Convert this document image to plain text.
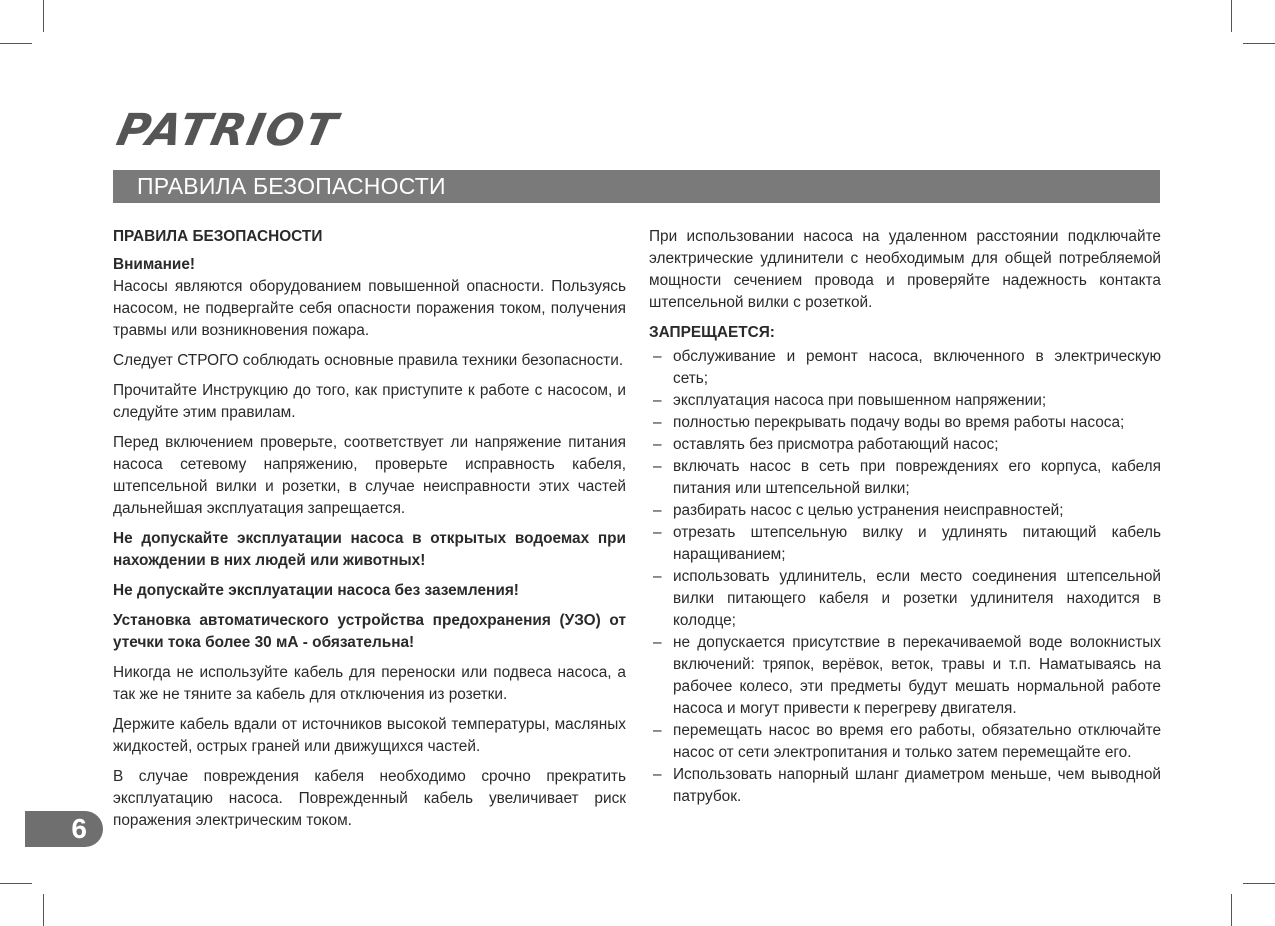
PATRIOT
ПРАВИЛА БЕЗОПАСНОСТИ

ПРАВИЛА БЕЗОПАСНОСТИ

Внимание!

Насосы являются оборудованием повышенной опасности. Пользуясь насосом, не подвергайте себя опасности поражения током, получения травмы или возникновения пожара.

Следует СТРОГО соблюдать основные правила техники безопасности.

Прочитайте Инструкцию до того, как приступите к работе с насосом, и следуйте этим правилам.

Перед включением проверьте, соответствует ли напряжение питания насоса сетевому напряжению, проверьте исправность кабеля, штепсельной вилки и розетки, в случае неисправности этих частей дальнейшая эксплуатация запрещается.

Не допускайте эксплуатации насоса в открытых водоемах при нахождении в них людей или животных!

Не допускайте эксплуатации насоса без заземления!

Установка автоматического устройства предохранения (УЗО) от утечки тока более 30 мА - обязательна!

Никогда не используйте кабель для переноски или подвеса насоса, а так же не тяните за кабель для отключения из розетки.

Держите кабель вдали от источников высокой температуры, масляных жидкостей, острых граней или движущихся частей.

В случае повреждения кабеля необходимо срочно прекратить эксплуатацию насоса. Поврежденный кабель увеличивает риск поражения электрическим током.

При использовании насоса на удаленном расстоянии подключайте электрические удлинители с необходимым для общей потребляемой мощности сечением провода и проверяйте надежность контакта штепсельной вилки с розеткой.

ЗАПРЕЩАЕТСЯ:

– обслуживание и ремонт насоса, включенного в электрическую сеть;
– эксплуатация насоса при повышенном напряжении;
– полностью перекрывать подачу воды во время работы насоса;
– оставлять без присмотра работающий насос;
– включать насос в сеть при повреждениях его корпуса, кабеля питания или штепсельной вилки;
– разбирать насос с целью устранения неисправностей;
– отрезать штепсельную вилку и удлинять питающий кабель наращиванием;
– использовать удлинитель, если место соединения штепсельной вилки питающего кабеля и розетки удлинителя находится в колодце;
– не допускается присутствие в перекачиваемой воде волокнистых включений: тряпок, верёвок, веток, травы и т.п. Наматываясь на рабочее колесо, эти предметы будут мешать нормальной работе насоса и могут привести к перегреву двигателя.
– перемещать насос во время его работы, обязательно отключайте насос от сети электропитания и только затем перемещайте его.
– Использовать напорный шланг диаметром меньше, чем выводной патрубок.
6
